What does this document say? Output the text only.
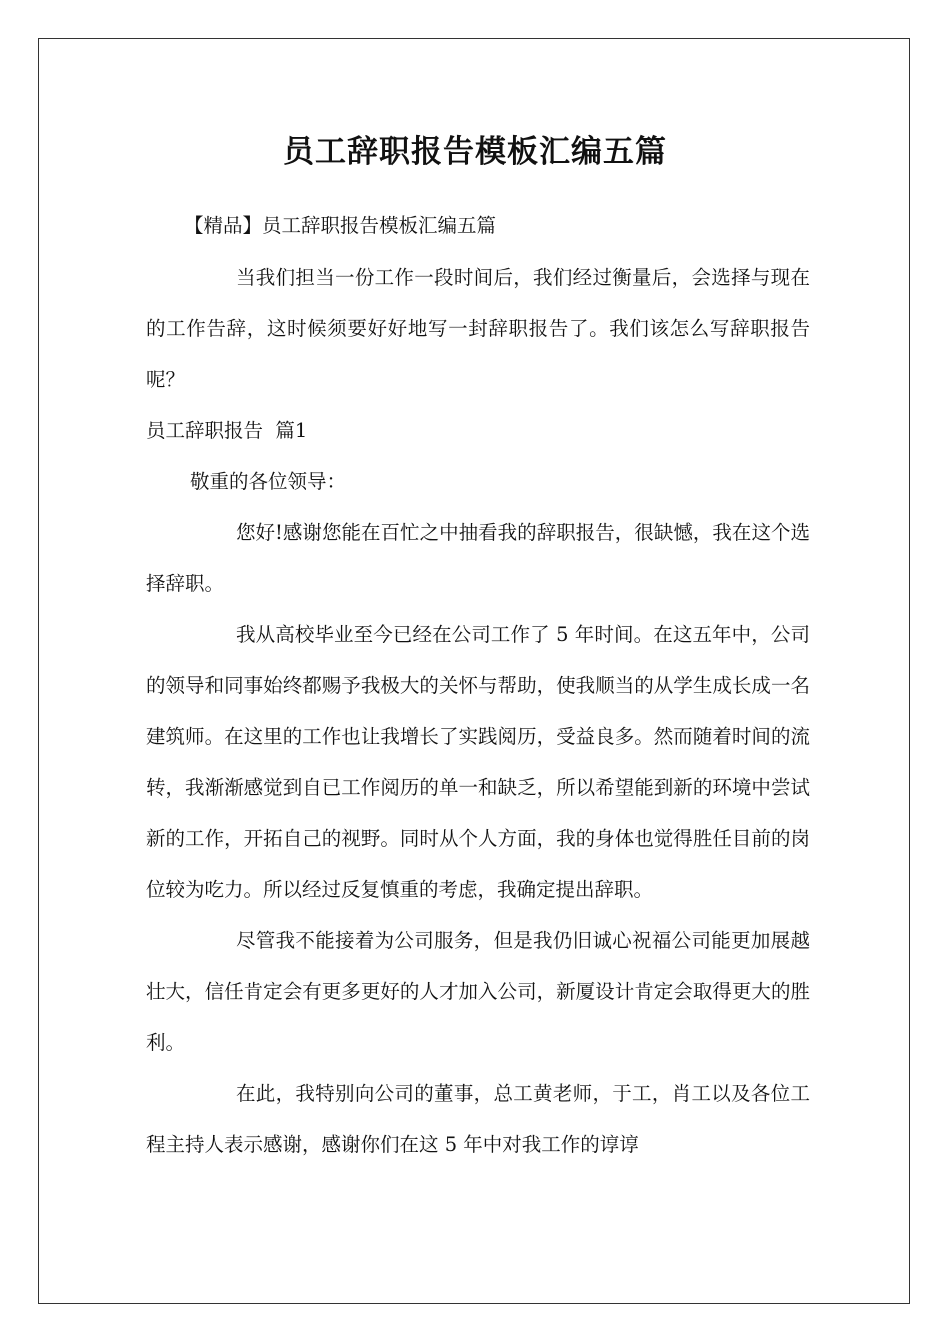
员工辞职报告模板汇编五篇

【精品】员工辞职报告模板汇编五篇

当我们担当一份工作一段时间后，我们经过衡量后，会选择与现在的工作告辞，这时候须要好好地写一封辞职报告了。我们该怎么写辞职报告呢？

员工辞职报告  篇1

敬重的各位领导：

您好!感谢您能在百忙之中抽看我的辞职报告，很缺憾，我在这个选择辞职。

我从高校毕业至今已经在公司工作了 5 年时间。在这五年中，公司的领导和同事始终都赐予我极大的关怀与帮助，使我顺当的从学生成长成一名建筑师。在这里的工作也让我增长了实践阅历，受益良多。然而随着时间的流转，我渐渐感觉到自已工作阅历的单一和缺乏，所以希望能到新的环境中尝试新的工作，开拓自己的视野。同时从个人方面，我的身体也觉得胜任目前的岗位较为吃力。所以经过反复慎重的考虑，我确定提出辞职。

尽管我不能接着为公司服务，但是我仍旧诚心祝福公司能更加展越壮大，信任肯定会有更多更好的人才加入公司，新厦设计肯定会取得更大的胜利。

在此，我特别向公司的董事，总工黄老师，于工，肖工以及各位工程主持人表示感谢，感谢你们在这 5 年中对我工作的谆谆
